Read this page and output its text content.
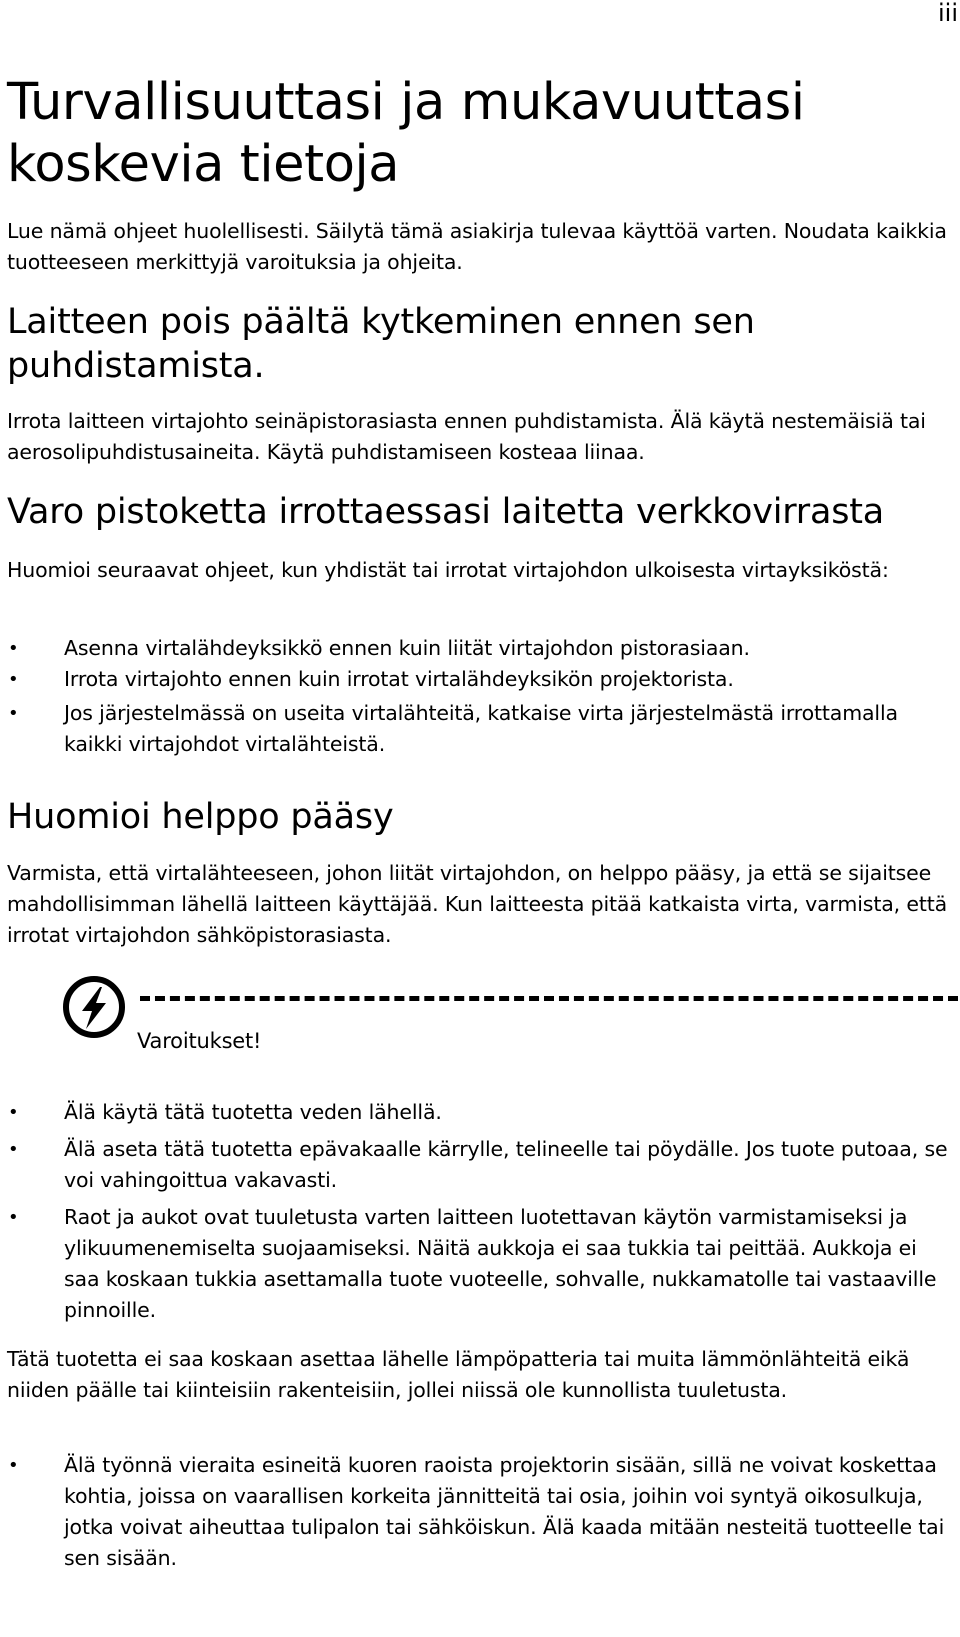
iii
Turvallisuuttasi ja mukavuuttasi koskevia tietoja

Lue nämä ohjeet huolellisesti. Säilytä tämä asiakirja tulevaa käyttöä varten. Noudata kaikkia tuotteeseen merkittyjä varoituksia ja ohjeita.

Laitteen pois päältä kytkeminen ennen sen puhdistamista.

Irrota laitteen virtajohto seinäpistorasiasta ennen puhdistamista. Älä käytä nestemäisiä tai aerosolipuhdistusaineita. Käytä puhdistamiseen kosteaa liinaa.

Varo pistoketta irrottaessasi laitetta verkkovirrasta

Huomioi seuraavat ohjeet, kun yhdistät tai irrotat virtajohdon ulkoisesta virtayksiköstä:

• Asenna virtalähdeyksikkö ennen kuin liität virtajohdon pistorasiaan.
• Irrota virtajohto ennen kuin irrotat virtalähdeyksikön projektorista.
• Jos järjestelmässä on useita virtalähteitä, katkaise virta järjestelmästä irrottamalla kaikki virtajohdot virtalähteistä.
Huomioi helppo pääsy

Varmista, että virtalähteeseen, johon liität virtajohdon, on helppo pääsy, ja että se sijaitsee mahdollisimman lähellä laitteen käyttäjää. Kun laitteesta pitää katkaista virta, varmista, että irrotat virtajohdon sähköpistorasiasta.

Varoitukset!
• Älä käytä tätä tuotetta veden lähellä.
• Älä aseta tätä tuotetta epävakaalle kärrylle, telineelle tai pöydälle. Jos tuote putoaa, se voi vahingoittua vakavasti.
• Raot ja aukot ovat tuuletusta varten laitteen luotettavan käytön varmistamiseksi ja ylikuumenemiselta suojaamiseksi. Näitä aukkoja ei saa tukkia tai peittää. Aukkoja ei saa koskaan tukkia asettamalla tuote vuoteelle, sohvalle, nukkamatolle tai vastaaville pinnoille.

Tätä tuotetta ei saa koskaan asettaa lähelle lämpöpatteria tai muita lämmönlähteitä eikä niiden päälle tai kiinteisiin rakenteisiin, jollei niissä ole kunnollista tuuletusta.

• Älä työnnä vieraita esineitä kuoren raoista projektorin sisään, sillä ne voivat koskettaa kohtia, joissa on vaarallisen korkeita jännitteitä tai osia, joihin voi syntyä oikosulkuja, jotka voivat aiheuttaa tulipalon tai sähköiskun. Älä kaada mitään nesteitä tuotteelle tai sen sisään.
